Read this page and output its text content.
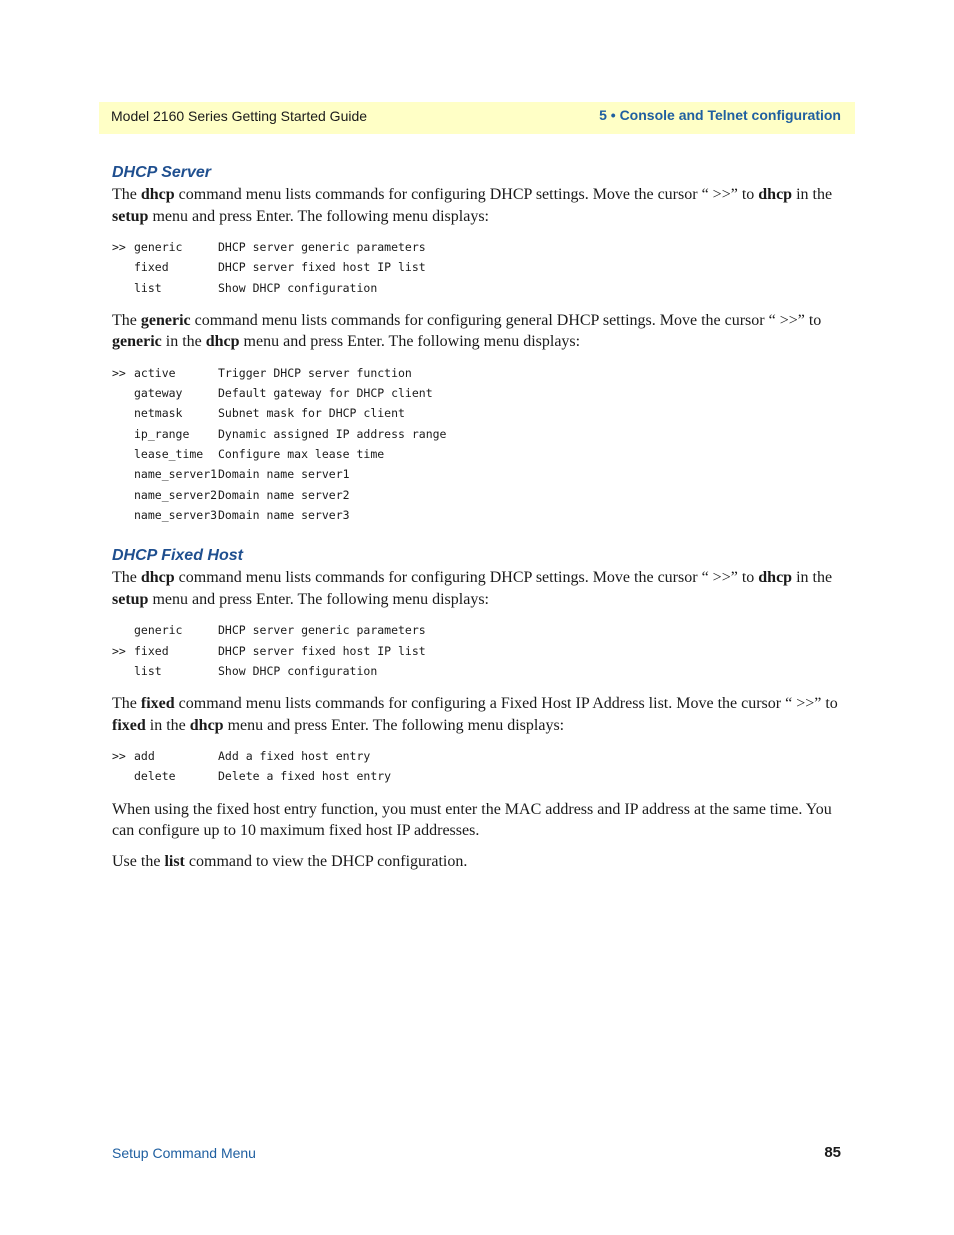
Model 2160 Series Getting Started Guide	5 • Console and Telnet configuration
DHCP Server

The dhcp command menu lists commands for configuring DHCP settings. Move the cursor “ >>” to dhcp in the setup menu and press Enter. The following menu displays:

>> generic	DHCP server generic parameters
fixed	DHCP server fixed host IP list
list	Show DHCP configuration

The generic command menu lists commands for configuring general DHCP settings. Move the cursor “ >>” to generic in the dhcp menu and press Enter. The following menu displays:

>> active	Trigger DHCP server function
gateway	Default gateway for DHCP client
netmask	Subnet mask for DHCP client
ip_range	Dynamic assigned IP address range
lease_time	Configure max lease time
name_server1 Domain name server1
name_server2 Domain name server2
name_server3 Domain name server3
DHCP Fixed Host

The dhcp command menu lists commands for configuring DHCP settings. Move the cursor “ >>” to dhcp in the setup menu and press Enter. The following menu displays:

generic	DHCP server generic parameters
>> fixed	DHCP server fixed host IP list
list	Show DHCP configuration

The fixed command menu lists commands for configuring a Fixed Host IP Address list. Move the cursor “ >>” to fixed in the dhcp menu and press Enter. The following menu displays:

>> add	Add a fixed host entry
delete	Delete a fixed host entry

When using the fixed host entry function, you must enter the MAC address and IP address at the same time. You can configure up to 10 maximum fixed host IP addresses.

Use the list command to view the DHCP configuration.

Setup Command Menu	85
